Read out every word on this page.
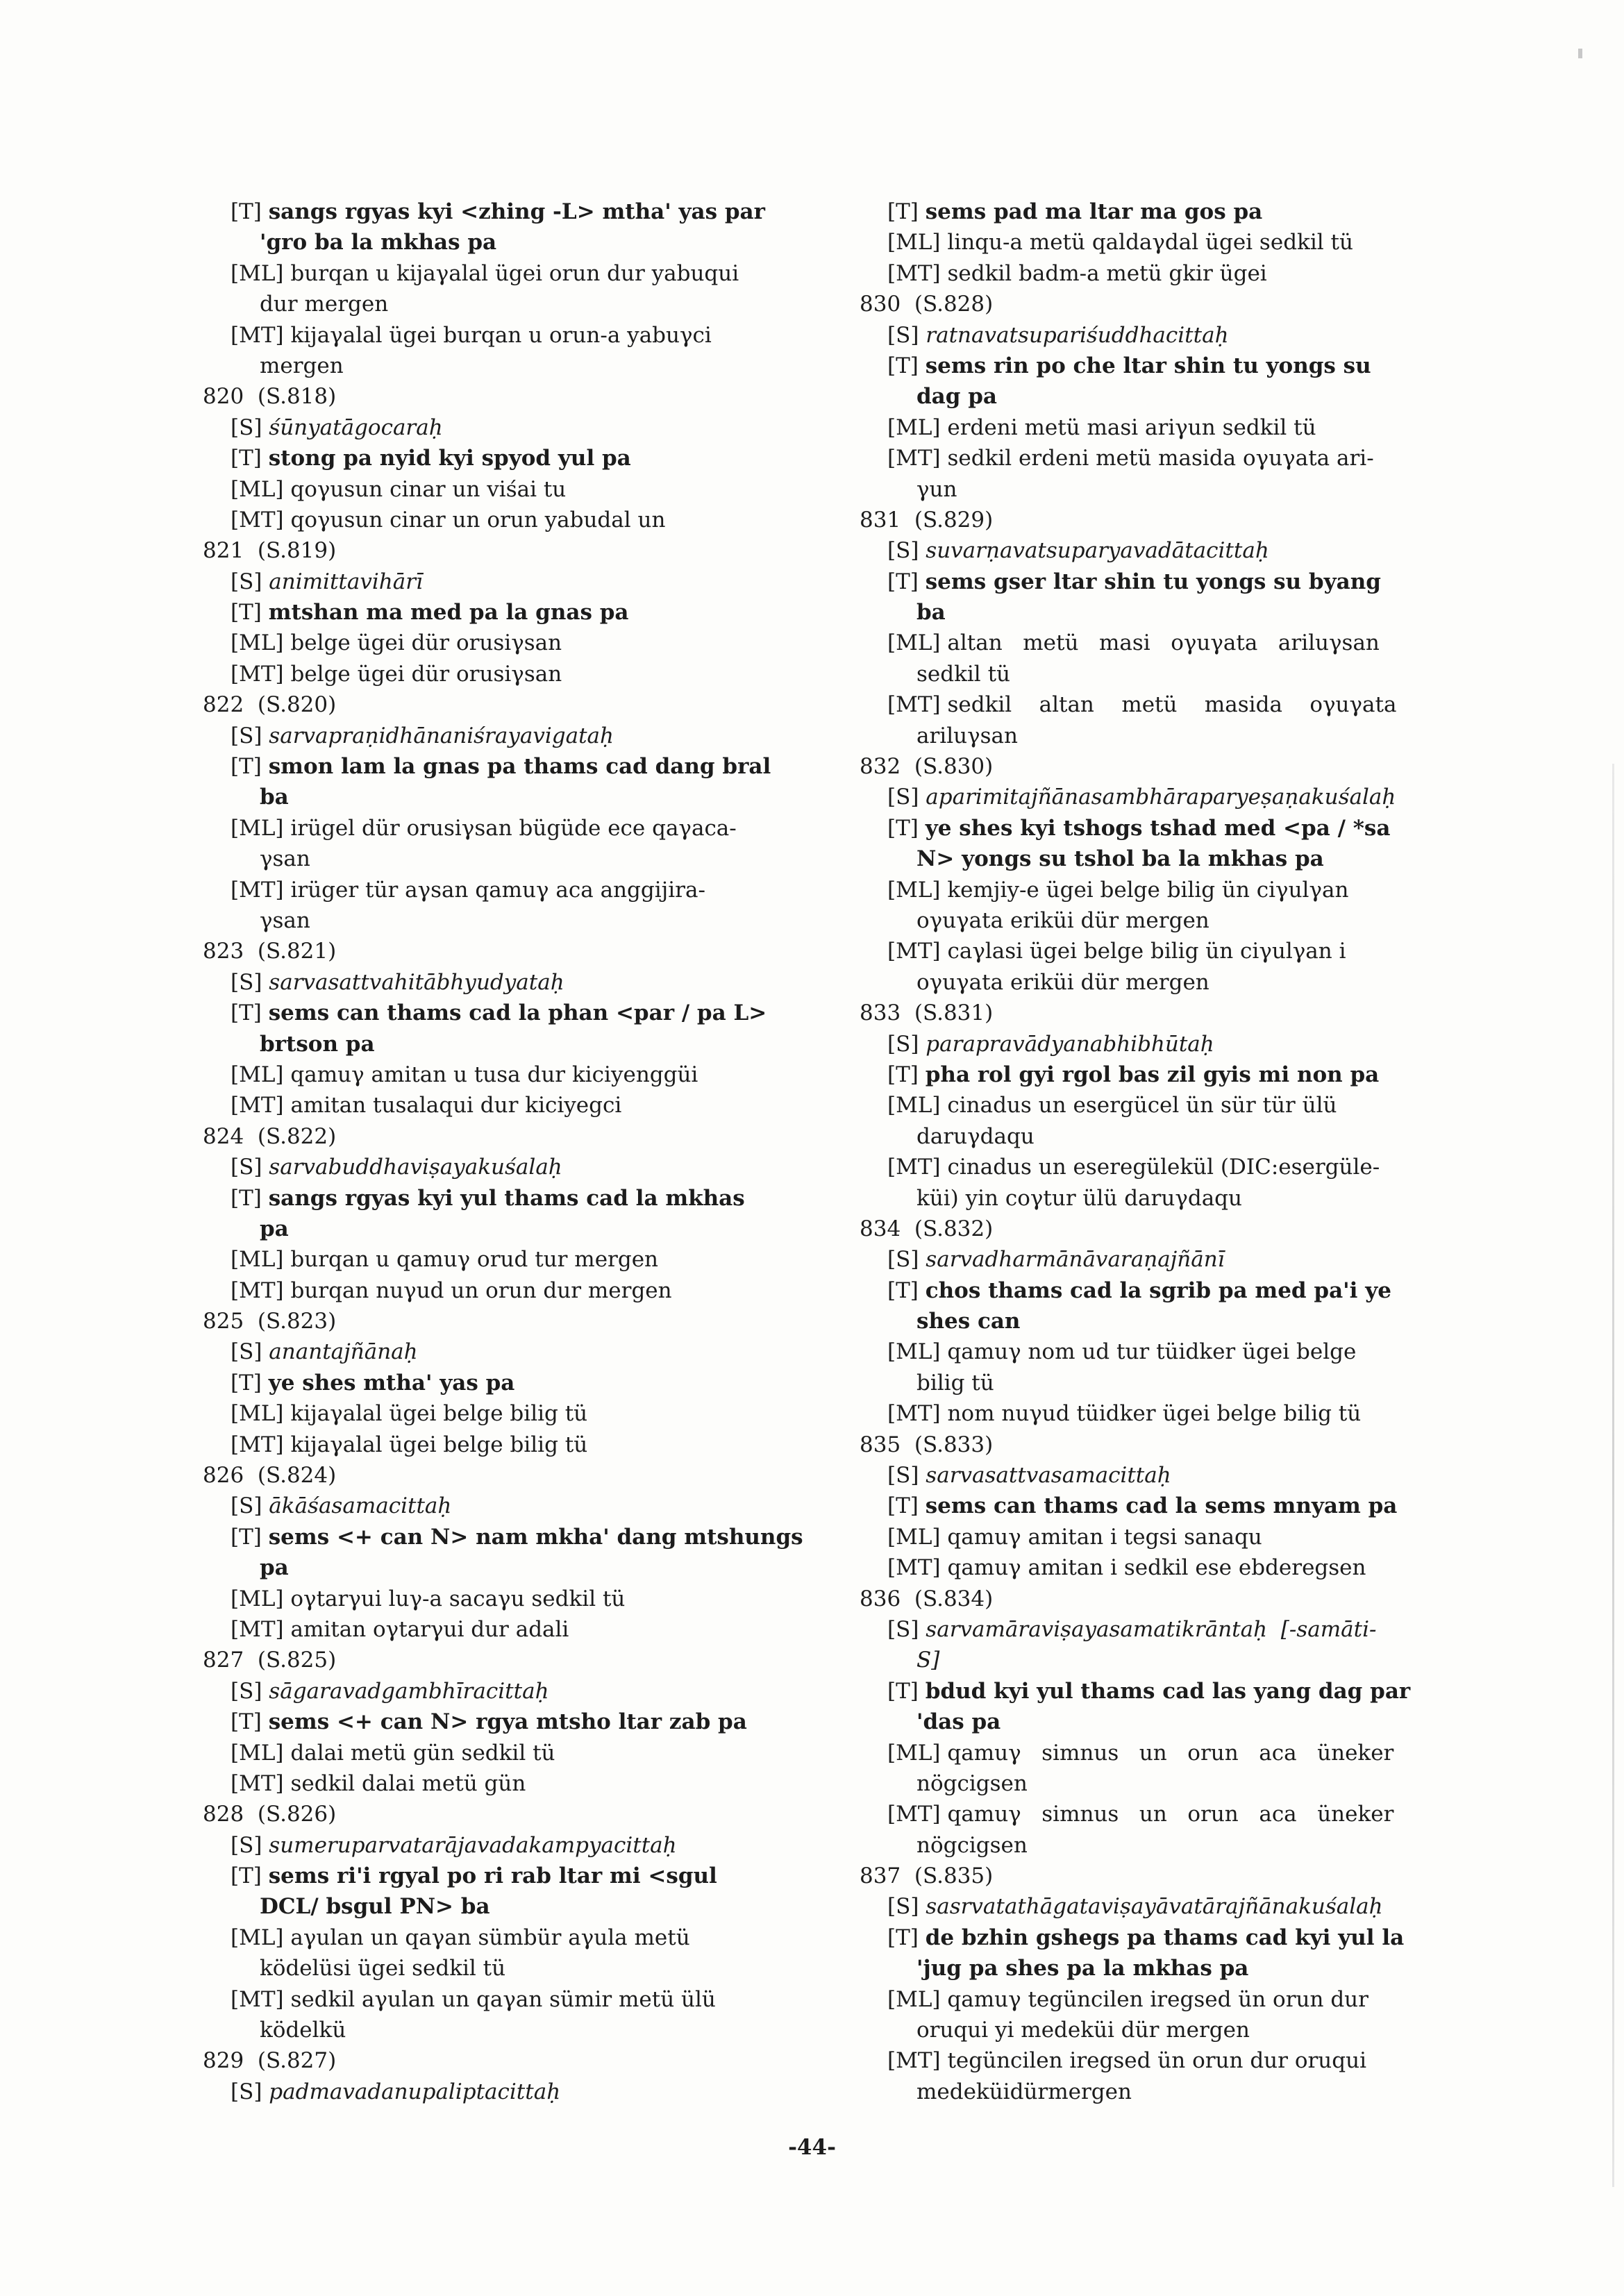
[T] sangs rgyas kyi <zhing -L> mtha' yas par
'gro ba la mkhas pa
[ML] burqan u kijaγalal ügei orun dur yabuqui
dur mergen
[MT] kijaγalal ügei burqan u orun-a yabuγci
mergen
820  (S.818)
[S] śūnyatāgocaraḥ
[T] stong pa nyid kyi spyod yul pa
[ML] qoγusun cinar un viśai tu
[MT] qoγusun cinar un orun yabudal un
821  (S.819)
[S] animittavihārī
[T] mtshan ma med pa la gnas pa
[ML] belge ügei dür orusiγsan
[MT] belge ügei dür orusiγsan
822  (S.820)
[S] sarvapraṇidhānaniśrayavigataḥ
[T] smon lam la gnas pa thams cad dang bral
ba
[ML] irügel dür orusiγsan bügüde ece qaγaca-
γsan
[MT] irüger tür aγsan qamuγ aca anggijira-
γsan
823  (S.821)
[S] sarvasattvahitābhyudyataḥ
[T] sems can thams cad la phan <par / pa L>
brtson pa
[ML] qamuγ amitan u tusa dur kiciyenggüi
[MT] amitan tusalaqui dur kiciyegci
824  (S.822)
[S] sarvabuddhaviṣayakuśalaḥ
[T] sangs rgyas kyi yul thams cad la mkhas
pa
[ML] burqan u qamuγ orud tur mergen
[MT] burqan nuγud un orun dur mergen
825  (S.823)
[S] anantajñānaḥ
[T] ye shes mtha' yas pa
[ML] kijaγalal ügei belge bilig tü
[MT] kijaγalal ügei belge bilig tü
826  (S.824)
[S] ākāśasamacittaḥ
[T] sems <+ can N> nam mkha' dang mtshungs
pa
[ML] oγtarγui luγ-a sacaγu sedkil tü
[MT] amitan oγtarγui dur adali
827  (S.825)
[S] sāgaravadgambhīracittaḥ
[T] sems <+ can N> rgya mtsho ltar zab pa
[ML] dalai metü gün sedkil tü
[MT] sedkil dalai metü gün
828  (S.826)
[S] sumeruparvatarājavadakampyacittaḥ
[T] sems ri'i rgyal po ri rab ltar mi <sgul
DCL/ bsgul PN> ba
[ML] aγulan un qaγan sümbür aγula metü
ködelüsi ügei sedkil tü
[MT] sedkil aγulan un qaγan sümir metü ülü
ködelkü
829  (S.827)
[S] padmavadanupaliptacittaḥ
[T] sems pad ma ltar ma gos pa
[ML] linqu-a metü qaldaγdal ügei sedkil tü
[MT] sedkil badm-a metü gkir ügei
830  (S.828)
[S] ratnavatsupariśuddhacittaḥ
[T] sems rin po che ltar shin tu yongs su
dag pa
[ML] erdeni metü masi ariγun sedkil tü
[MT] sedkil erdeni metü masida oγuγata ari-
γun
831  (S.829)
[S] suvarṇavatsuparyavadātacittaḥ
[T] sems gser ltar shin tu yongs su byang
ba
[ML] altan   metü   masi   oγuγata   ariluγsan
sedkil tü
[MT] sedkil    altan    metü    masida    oγuγata
ariluγsan
832  (S.830)
[S] aparimitajñānasambhāraparyeṣaṇakuśalaḥ
[T] ye shes kyi tshogs tshad med <pa / *sa
N> yongs su tshol ba la mkhas pa
[ML] kemjiy-e ügei belge bilig ün ciγulγan
oγuγata eriküi dür mergen
[MT] caγlasi ügei belge bilig ün ciγulγan i
oγuγata eriküi dür mergen
833  (S.831)
[S] parapravādyanabhibhūtaḥ
[T] pha rol gyi rgol bas zil gyis mi non pa
[ML] cinadus un esergücel ün sür tür ülü
daruγdaqu
[MT] cinadus un eseregülekül (DIC:esergüle-
küi) yin coγtur ülü daruγdaqu
834  (S.832)
[S] sarvadharmānāvaraṇajñānī
[T] chos thams cad la sgrib pa med pa'i ye
shes can
[ML] qamuγ nom ud tur tüidker ügei belge
bilig tü
[MT] nom nuγud tüidker ügei belge bilig tü
835  (S.833)
[S] sarvasattvasamacittaḥ
[T] sems can thams cad la sems mnyam pa
[ML] qamuγ amitan i tegsi sanaqu
[MT] qamuγ amitan i sedkil ese ebderegsen
836  (S.834)
[S] sarvamāraviṣayasamatikrāntaḥ  [-samāti-
S]
[T] bdud kyi yul thams cad las yang dag par
'das pa
[ML] qamuγ   simnus   un   orun   aca   üneker
nögcigsen
[MT] qamuγ   simnus   un   orun   aca   üneker
nögcigsen
837  (S.835)
[S] sasrvatathāgataviṣayāvatārajñānakuśalaḥ
[T] de bzhin gshegs pa thams cad kyi yul la
'jug pa shes pa la mkhas pa
[ML] qamuγ tegüncilen iregsed ün orun dur
oruqui yi medeküi dür mergen
[MT] tegüncilen iregsed ün orun dur oruqui
medeküidürmergen
-44-
